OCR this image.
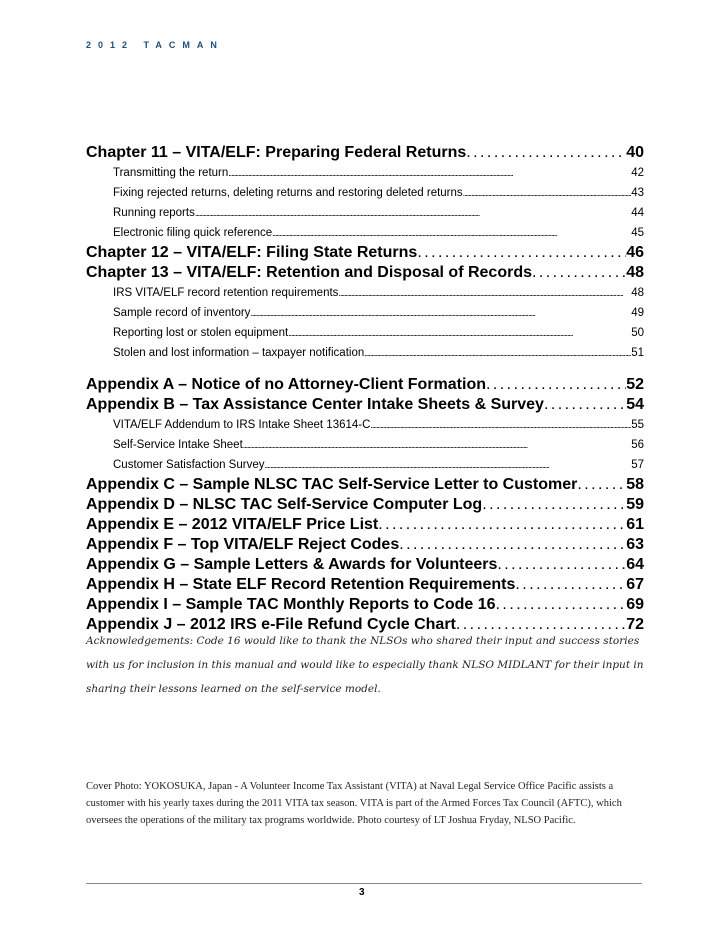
2012 TACMAN
Chapter 11 – VITA/ELF: Preparing Federal Returns . . .	40
Transmitting the return . . .	42
Fixing rejected returns, deleting returns and restoring deleted returns . . .	43
Running reports . . .	44
Electronic filing quick reference . . .	45
Chapter 12 – VITA/ELF: Filing State Returns . . .	46
Chapter 13 – VITA/ELF: Retention and Disposal of Records . . .	48
IRS VITA/ELF record retention requirements . . .	48
Sample record of inventory . . .	49
Reporting lost or stolen equipment . . .	50
Stolen and lost information – taxpayer notification . . .	51
Appendix A – Notice of no Attorney-Client Formation . . .	52
Appendix B – Tax Assistance Center Intake Sheets & Survey . . .	54
VITA/ELF Addendum to IRS Intake Sheet 13614-C . . .	55
Self-Service Intake Sheet . . .	56
Customer Satisfaction Survey . . .	57
Appendix C – Sample NLSC TAC Self-Service Letter to Customer . . .	58
Appendix D – NLSC TAC Self-Service Computer Log . . .	59
Appendix E – 2012 VITA/ELF Price List . . .	61
Appendix F – Top VITA/ELF Reject Codes . . .	63
Appendix G – Sample Letters & Awards for Volunteers . . .	64
Appendix H – State ELF Record Retention Requirements . . .	67
Appendix I – Sample TAC Monthly Reports to Code 16 . . .	69
Appendix J – 2012 IRS e-File Refund Cycle Chart . . .	72
Acknowledgements: Code 16 would like to thank the NLSOs who shared their input and success stories with us for inclusion in this manual and would like to especially thank NLSO MIDLANT for their input in sharing their lessons learned on the self-service model.
Cover Photo: YOKOSUKA, Japan - A Volunteer Income Tax Assistant (VITA) at Naval Legal Service Office Pacific assists a customer with his yearly taxes during the 2011 VITA tax season. VITA is part of the Armed Forces Tax Council (AFTC), which oversees the operations of the military tax programs worldwide. Photo courtesy of LT Joshua Fryday, NLSO Pacific.
3
